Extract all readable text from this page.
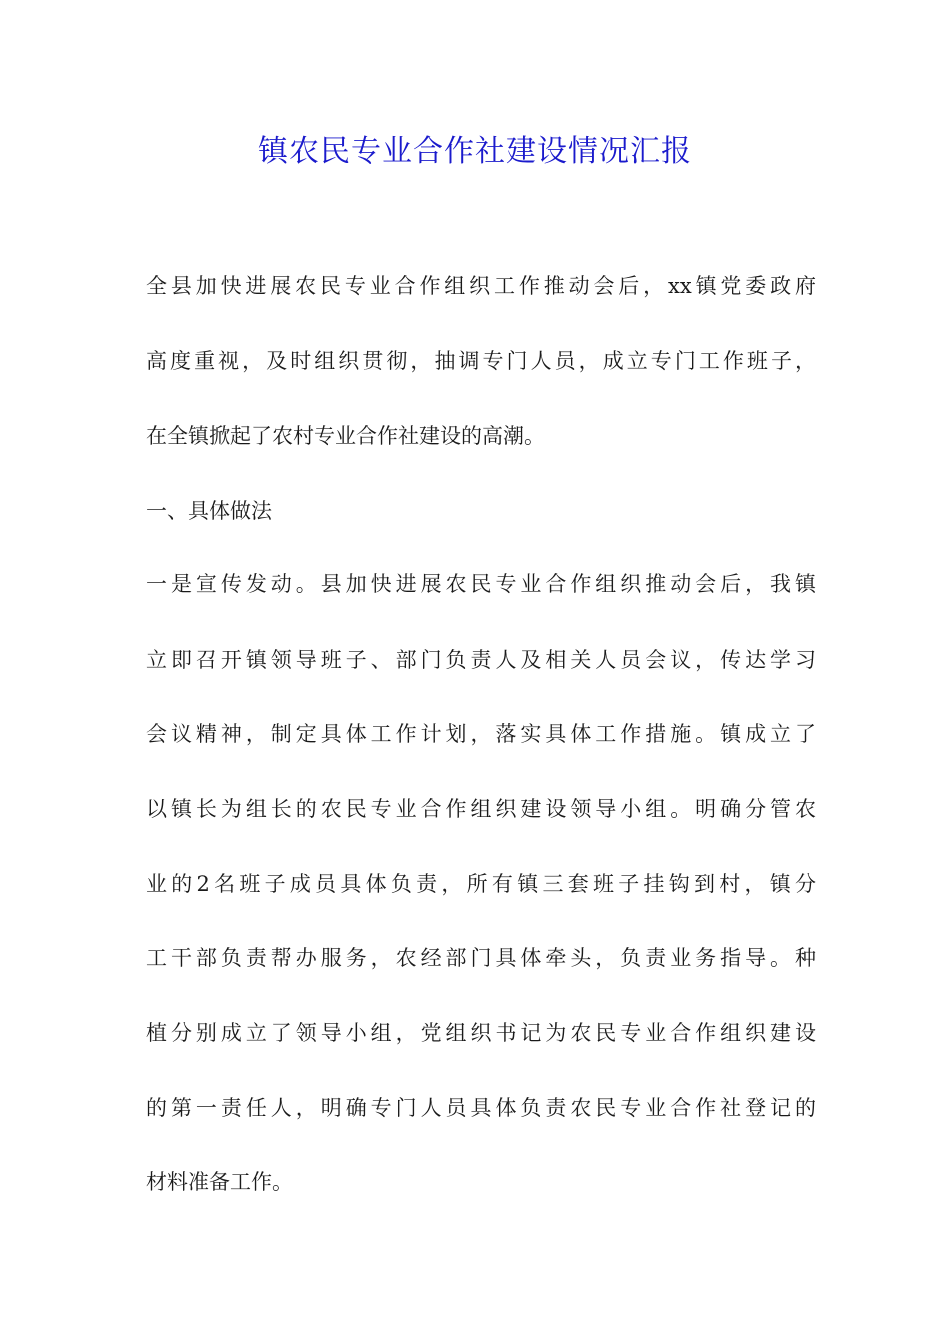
镇农民专业合作社建设情况汇报
全县加快进展农民专业合作组织工作推动会后，xx镇党委政府
高度重视，及时组织贯彻，抽调专门人员，成立专门工作班子，
在全镇掀起了农村专业合作社建设的高潮。
一、具体做法
一是宣传发动。县加快进展农民专业合作组织推动会后，我镇
立即召开镇领导班子、部门负责人及相关人员会议，传达学习
会议精神，制定具体工作计划，落实具体工作措施。镇成立了
以镇长为组长的农民专业合作组织建设领导小组。明确分管农
业的2名班子成员具体负责，所有镇三套班子挂钩到村，镇分
工干部负责帮办服务，农经部门具体牵头，负责业务指导。种
植分别成立了领导小组，党组织书记为农民专业合作组织建设
的第一责任人，明确专门人员具体负责农民专业合作社登记的
材料准备工作。
